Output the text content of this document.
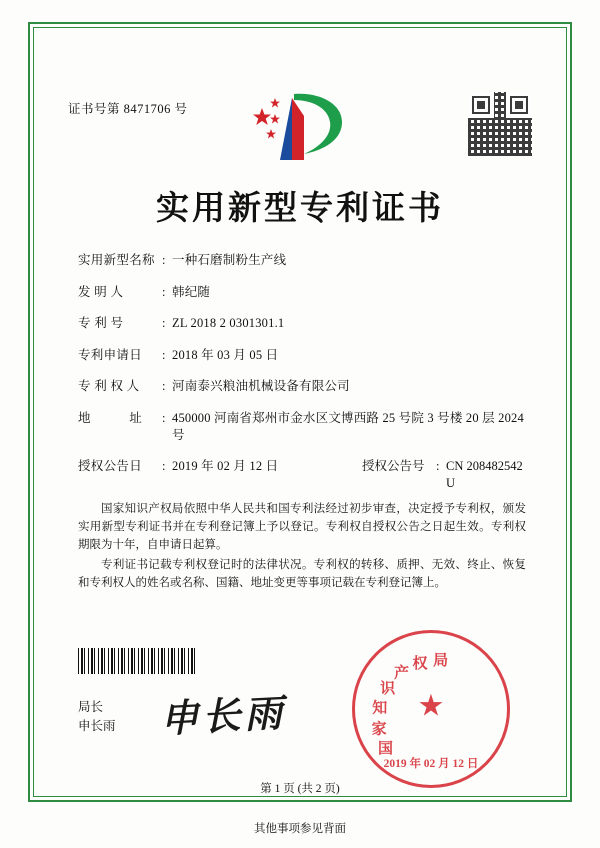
证书号第 8471706 号
实用新型专利证书
实用新型名称 : 一种石磨制粉生产线
发 明 人	: 韩纪随
专 利 号	: ZL 2018 2 0301301.1
专利申请日	: 2018 年 03 月 05 日
专 利 权 人	: 河南泰兴粮油机械设备有限公司
地　　　址	: 450000 河南省郑州市金水区文博西路 25 号院 3 号楼 20 层 2024 号
授权公告日	: 2019 年 02 月 12 日	授权公告号 : CN 208482542 U

国家知识产权局依照中华人民共和国专利法经过初步审查，决定授予专利权，颁发实用新型专利证书并在专利登记簿上予以登记。专利权自授权公告之日起生效。专利权期限为十年，自申请日起算。

专利证书记载专利权登记时的法律状况。专利权的转移、质押、无效、终止、恢复和专利权人的姓名或名称、国籍、地址变更等事项记载在专利登记簿上。

局长
申长雨 申长雨
国
家
知
识
产
权 局
★
2019 年 02 月 12 日
第 1 页 (共 2 页)
其他事项参见背面
